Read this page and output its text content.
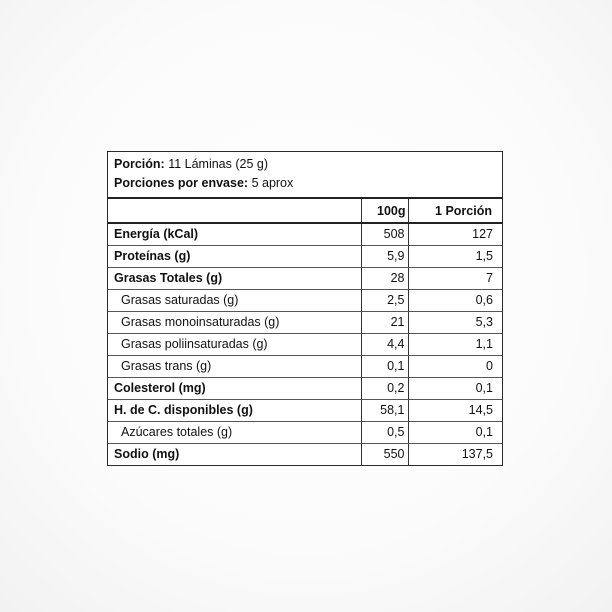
Porción: 11 Láminas (25 g)
Porciones por envase: 5 aprox
	100g	1 Porción
Energía (kCal)	508	127
Proteínas (g)	5,9	1,5
Grasas Totales (g)	28	7
Grasas saturadas (g)	2,5	0,6
Grasas monoinsaturadas (g)	21	5,3
Grasas poliinsaturadas (g)	4,4	1,1
Grasas trans (g)	0,1	0
Colesterol (mg)	0,2	0,1
H. de C. disponibles (g)	58,1	14,5
Azúcares totales (g)	0,5	0,1
Sodio (mg)	550	137,5
